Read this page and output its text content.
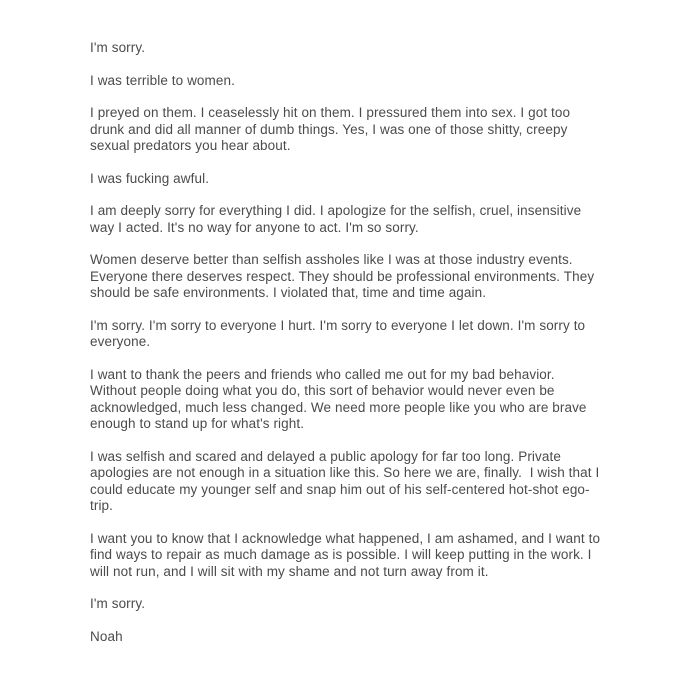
I'm sorry.

I was terrible to women.

I preyed on them. I ceaselessly hit on them. I pressured them into sex. I got too drunk and did all manner of dumb things. Yes, I was one of those shitty, creepy sexual predators you hear about.

I was fucking awful.

I am deeply sorry for everything I did. I apologize for the selfish, cruel, insensitive way I acted. It's no way for anyone to act. I'm so sorry.

Women deserve better than selfish assholes like I was at those industry events. Everyone there deserves respect. They should be professional environments. They should be safe environments. I violated that, time and time again.

I'm sorry. I'm sorry to everyone I hurt. I'm sorry to everyone I let down. I'm sorry to everyone.

I want to thank the peers and friends who called me out for my bad behavior. Without people doing what you do, this sort of behavior would never even be acknowledged, much less changed. We need more people like you who are brave enough to stand up for what's right.

I was selfish and scared and delayed a public apology for far too long. Private apologies are not enough in a situation like this. So here we are, finally.  I wish that I could educate my younger self and snap him out of his self-centered hot-shot ego-trip.

I want you to know that I acknowledge what happened, I am ashamed, and I want to find ways to repair as much damage as is possible. I will keep putting in the work. I will not run, and I will sit with my shame and not turn away from it.

I'm sorry.

Noah
